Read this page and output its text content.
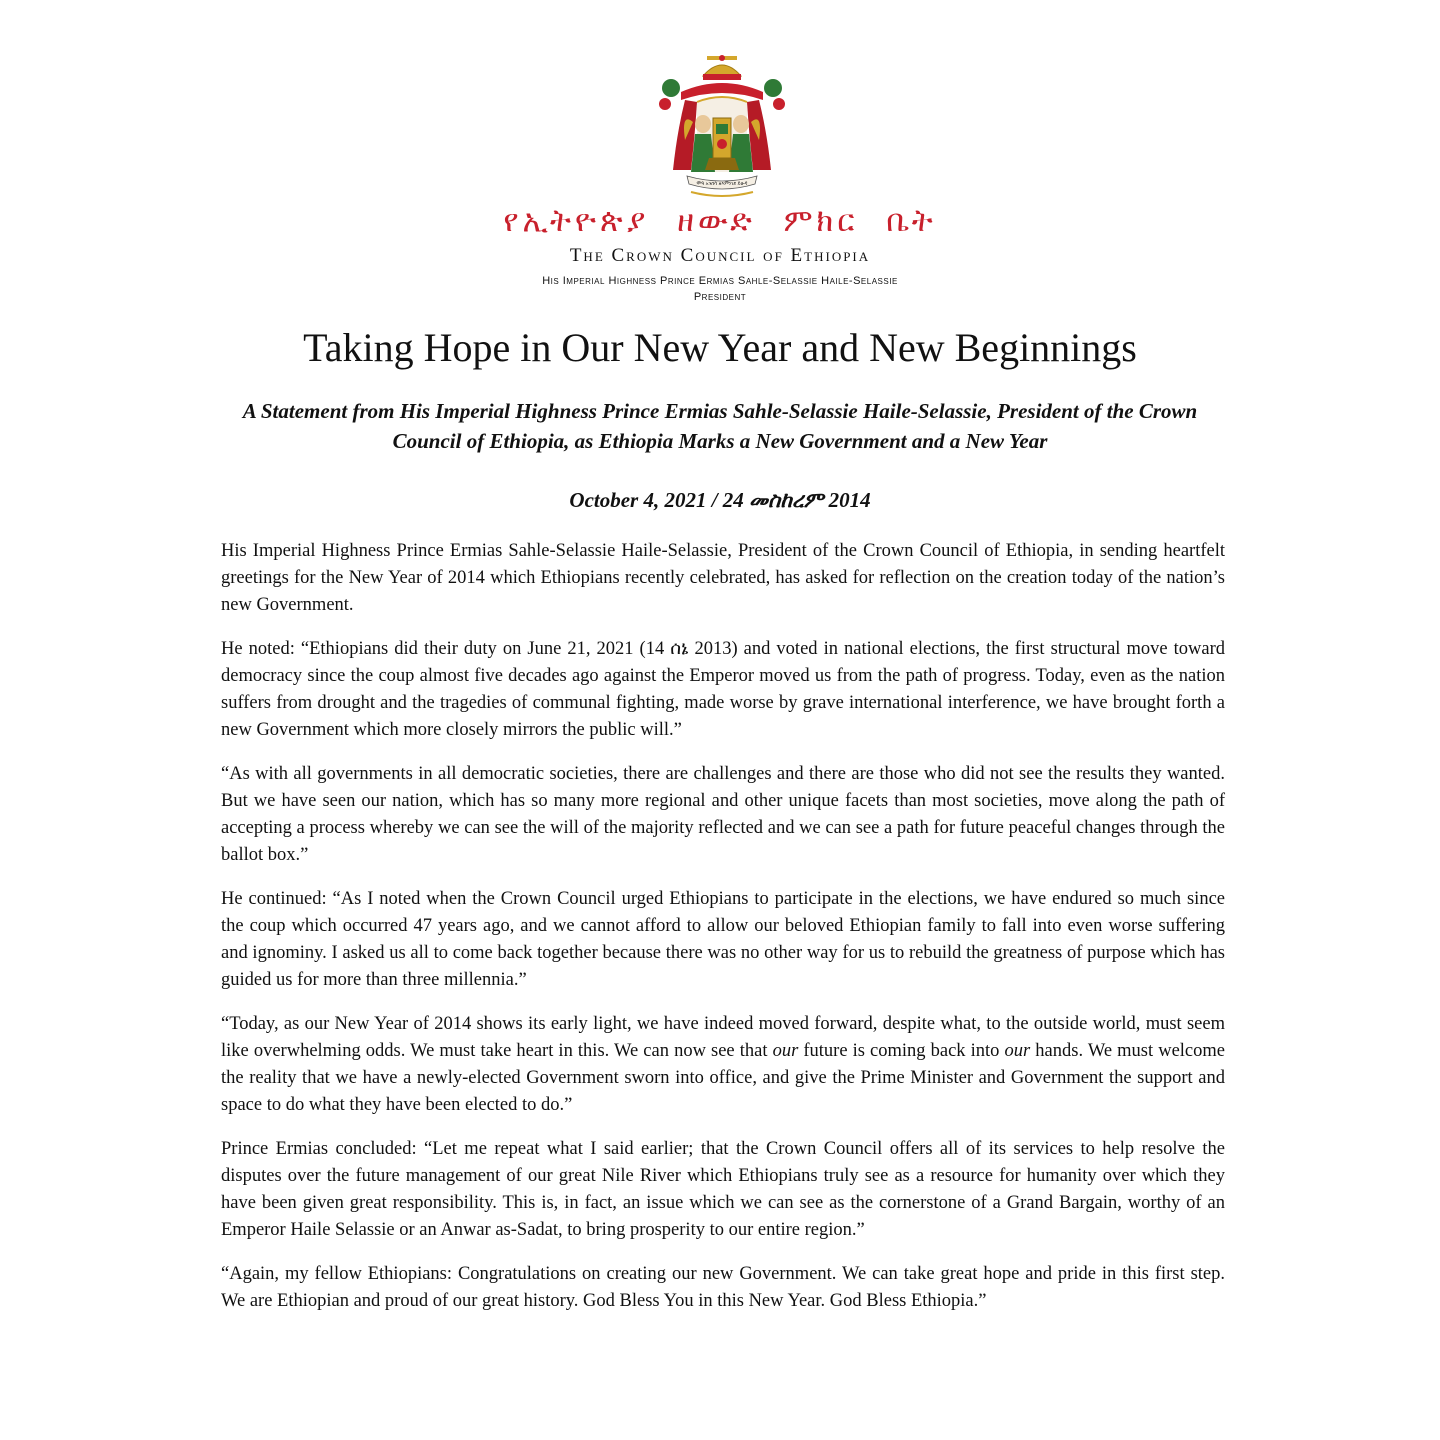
ሞዓ አንበሳ ዘእምነገደ ይሁዳ
የኢትዮጵያ ዘውድ ምክር ቤት
The Crown Council of Ethiopia
His Imperial Highness Prince Ermias Sahle-Selassie Haile-Selassie
President
Taking Hope in Our New Year and New Beginnings

A Statement from His Imperial Highness Prince Ermias Sahle-Selassie Haile-Selassie, President of the Crown Council of Ethiopia, as Ethiopia Marks a New Government and a New Year

October 4, 2021 / 24 መስከረም 2014

His Imperial Highness Prince Ermias Sahle-Selassie Haile-Selassie, President of the Crown Council of Ethiopia, in sending heartfelt greetings for the New Year of 2014 which Ethiopians recently celebrated, has asked for reflection on the creation today of the nation’s new Government.

He noted: “Ethiopians did their duty on June 21, 2021 (14 ሰኔ 2013) and voted in national elections, the first structural move toward democracy since the coup almost five decades ago against the Emperor moved us from the path of progress. Today, even as the nation suffers from drought and the tragedies of communal fighting, made worse by grave international interference, we have brought forth a new Government which more closely mirrors the public will.”

“As with all governments in all democratic societies, there are challenges and there are those who did not see the results they wanted. But we have seen our nation, which has so many more regional and other unique facets than most societies, move along the path of accepting a process whereby we can see the will of the majority reflected and we can see a path for future peaceful changes through the ballot box.”

He continued: “As I noted when the Crown Council urged Ethiopians to participate in the elections, we have endured so much since the coup which occurred 47 years ago, and we cannot afford to allow our beloved Ethiopian family to fall into even worse suffering and ignominy. I asked us all to come back together because there was no other way for us to rebuild the greatness of purpose which has guided us for more than three millennia.”

“Today, as our New Year of 2014 shows its early light, we have indeed moved forward, despite what, to the outside world, must seem like overwhelming odds. We must take heart in this. We can now see that our future is coming back into our hands. We must welcome the reality that we have a newly-elected Government sworn into office, and give the Prime Minister and Government the support and space to do what they have been elected to do.”

Prince Ermias concluded: “Let me repeat what I said earlier; that the Crown Council offers all of its services to help resolve the disputes over the future management of our great Nile River which Ethiopians truly see as a resource for humanity over which they have been given great responsibility. This is, in fact, an issue which we can see as the cornerstone of a Grand Bargain, worthy of an Emperor Haile Selassie or an Anwar as-Sadat, to bring prosperity to our entire region.”

“Again, my fellow Ethiopians: Congratulations on creating our new Government. We can take great hope and pride in this first step. We are Ethiopian and proud of our great history. God Bless You in this New Year. God Bless Ethiopia.”
